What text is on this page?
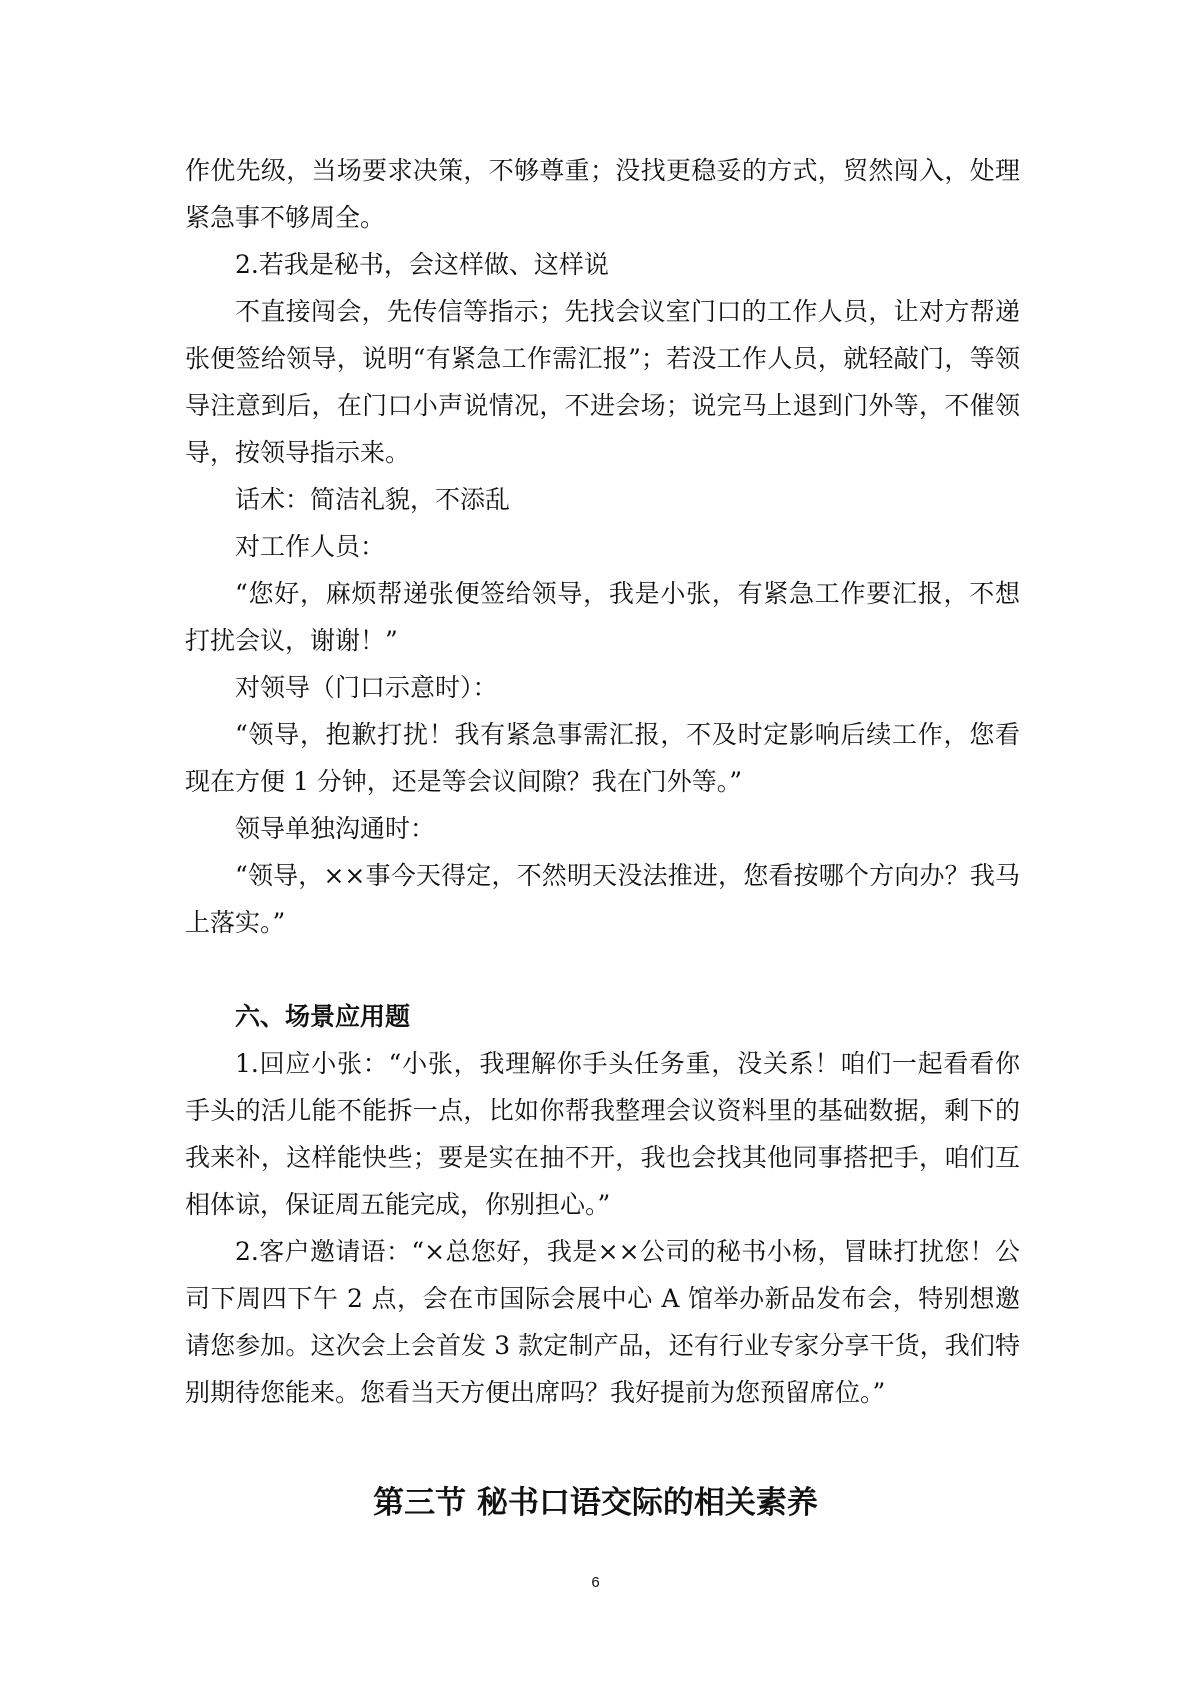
作优先级，当场要求决策，不够尊重；没找更稳妥的方式，贸然闯入，处理紧急事不够周全。

2.若我是秘书，会这样做、这样说

不直接闯会，先传信等指示；先找会议室门口的工作人员，让对方帮递张便签给领导，说明“有紧急工作需汇报”；若没工作人员，就轻敲门，等领导注意到后，在门口小声说情况，不进会场；说完马上退到门外等，不催领导，按领导指示来。

话术：简洁礼貌，不添乱

对工作人员：

“您好，麻烦帮递张便签给领导，我是小张，有紧急工作要汇报，不想打扰会议，谢谢！”

对领导（门口示意时）：

“领导，抱歉打扰！我有紧急事需汇报，不及时定影响后续工作，您看现在方便 1 分钟，还是等会议间隙？我在门外等。”

领导单独沟通时：

“领导，××事今天得定，不然明天没法推进，您看按哪个方向办？我马上落实。”

六、场景应用题

1.回应小张：“小张，我理解你手头任务重，没关系！咱们一起看看你手头的活儿能不能拆一点，比如你帮我整理会议资料里的基础数据，剩下的我来补，这样能快些；要是实在抽不开，我也会找其他同事搭把手，咱们互相体谅，保证周五能完成，你别担心。”

2.客户邀请语：“×总您好，我是××公司的秘书小杨，冒昧打扰您！公司下周四下午 2 点，会在市国际会展中心 A 馆举办新品发布会，特别想邀请您参加。这次会上会首发 3 款定制产品，还有行业专家分享干货，我们特别期待您能来。您看当天方便出席吗？我好提前为您预留席位。”

第三节 秘书口语交际的相关素养
6
